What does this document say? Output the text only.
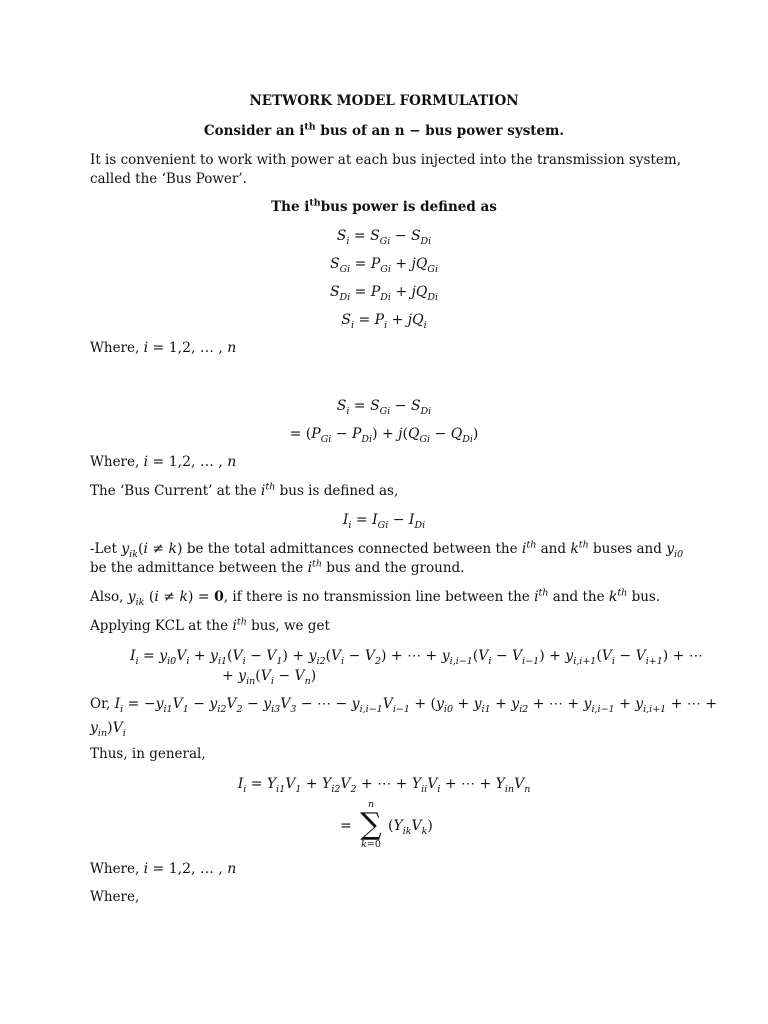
NETWORK MODEL FORMULATION
Consider an $i^{th}$ bus of an n − bus power system.
It is convenient to work with power at each bus injected into the transmission system,
called the ‘Bus Power’.
The $i^{th}bus$ power is defined as
$S_i = S_{Gi} - S_{Di}$
$S_{Gi} = P_{Gi} + jQ_{Gi}$
$S_{Di} = P_{Di} + jQ_{Di}$
$S_i = P_i + jQ_i$
Where, i = 1,2, … , n
$S_i = S_{Gi} - S_{Di}$
= $(P_{Gi} - P_{Di}) + j(Q_{Gi} - Q_{Di})$
Where, i = 1,2, … , n
The ‘Bus Current’ at the $i^{th}$ bus is defined as,
$I_i = I_{Gi} - I_{Di}$
-Let $y_{ik}(i \ne k)$ be the total admittances connected between the $i^{th}$ and $k^{th}$ buses and $y_{i0}$
be the admittance between the $i^{th}$ bus and the ground.
Also, $y_{ik}$ (i ≠ k) = 0, if there is no transmission line between the $i^{th}$ and the $k^{th}$ bus.
Applying KCL at the $i^{th}$ bus, we get
$I_i = y_{i0}V_i + y_{i1}(V_i - V_1) + y_{i2}(V_i - V_2)$ + ⋯ + $y_{i,i-1}(V_i - V_{i-1}) + y_{i,i+1}(V_i - V_{i+1})$ + ⋯
+ $y_{in}(V_i - V_n)$
Or, $I_i = -y_{i1}V_1 - y_{i2}V_2 - y_{i3}V_3$ − ⋯ − $y_{i,i-1}V_{i-1} + (y_{i0} + y_{i1} + y_{i2}$ + ⋯ + $y_{i,i-1} + y_{i,i+1}$ + ⋯ +
$y_{in})V_i$
Thus, in general,
$I_i = Y_{i1}V_1 + Y_{i2}V_2$ + ⋯ + $Y_{ii}V_i$ + ⋯ + $Y_{in}V_n$
=
n
∑
k=0
$(Y_{ik}V_k)$
Where, i = 1,2, … , n
Where,
